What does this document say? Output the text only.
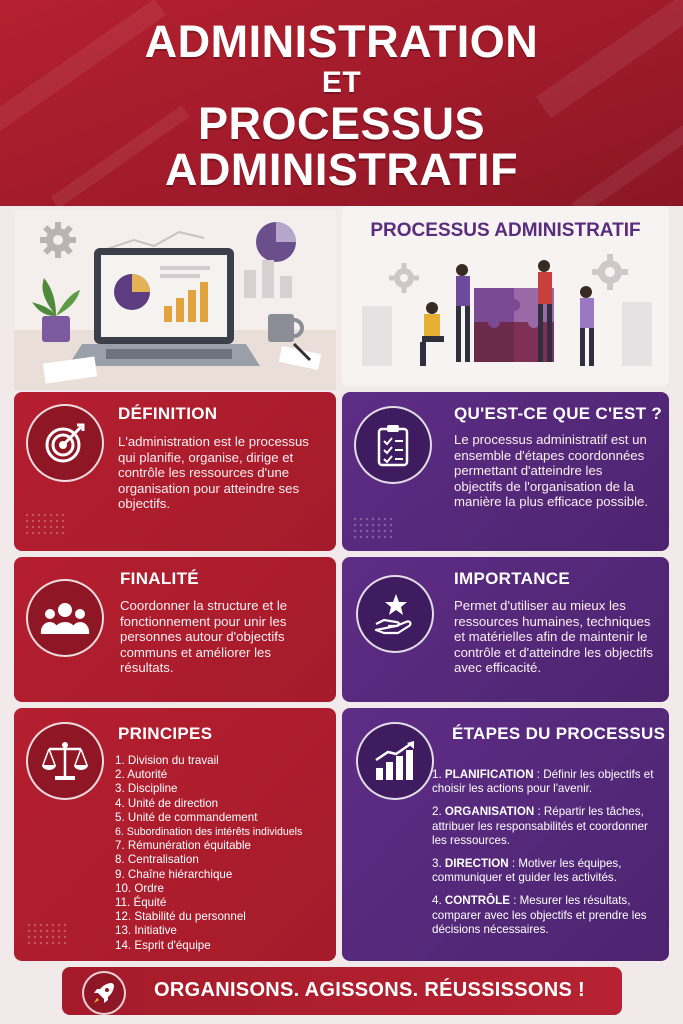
ADMINISTRATION
ET
PROCESSUS
ADMINISTRATIF
PROCESSUS ADMINISTRATIF
DÉFINITION

L'administration est le processus qui planifie, organise, dirige et contrôle les ressources d'une organisation pour atteindre ses objectifs.

QU'EST-CE QUE C'EST ?

Le processus administratif est un ensemble d'étapes coordonnées permettant d'atteindre les objectifs de l'organisation de la manière la plus efficace possible.

FINALITÉ

Coordonner la structure et le fonctionnement pour unir les personnes autour d'objectifs communs et améliorer les résultats.

IMPORTANCE

Permet d'utiliser au mieux les ressources humaines, techniques et matérielles afin de maintenir le contrôle et d'atteindre les objectifs avec efficacité.

PRINCIPES
1. Division du travail
2. Autorité
3. Discipline
4. Unité de direction
5. Unité de commandement
6. Subordination des intérêts individuels
7. Rémunération équitable
8. Centralisation
9. Chaîne hiérarchique
10. Ordre
11. Équité
12. Stabilité du personnel
13. Initiative
14. Esprit d'équipe
ÉTAPES DU PROCESSUS
1. PLANIFICATION : Définir les objectifs et choisir les actions pour l'avenir.
2. ORGANISATION : Répartir les tâches, attribuer les responsabilités et coordonner les ressources.
3. DIRECTION : Motiver les équipes, communiquer et guider les activités.
4. CONTRÔLE : Mesurer les résultats, comparer avec les objectifs et prendre les décisions nécessaires.
ORGANISONS. AGISSONS. RÉUSSISSONS !
